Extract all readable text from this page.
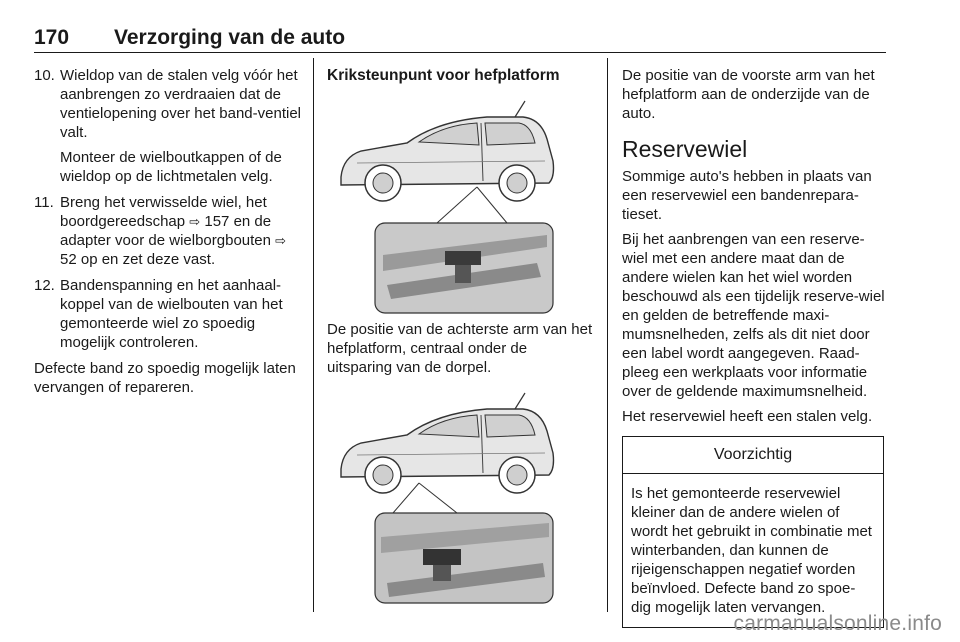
170 Verzorging van de auto
10. Wieldop van de stalen velg vóór het aanbrengen zo verdraaien dat de ventielopening over het band-ventiel valt.

Monteer de wielboutkappen of de wieldop op de lichtmetalen velg.

11. Breng het verwisselde wiel, het boordgereedschap ⇨ 157 en de adapter voor de wielborgbouten ⇨ 52 op en zet deze vast.

12. Bandenspanning en het aanhaal-koppel van de wielbouten van het gemonteerde wiel zo spoedig mogelijk controleren.

Defecte band zo spoedig mogelijk laten vervangen of repareren.

Kriksteunpunt voor hefplatform

De positie van de achterste arm van het hefplatform, centraal onder de uitsparing van de dorpel.

De positie van de voorste arm van het hefplatform aan de onderzijde van de auto.

Reservewiel

Sommige auto's hebben in plaats van een reservewiel een bandenrepara-tieset.

Bij het aanbrengen van een reserve-wiel met een andere maat dan de andere wielen kan het wiel worden beschouwd als een tijdelijk reserve-wiel en gelden de betreffende maxi-mumsnelheden, zelfs als dit niet door een label wordt aangegeven. Raad-pleeg een werkplaats voor informatie over de geldende maximumsnelheid.

Het reservewiel heeft een stalen velg.

Voorzichtig
Is het gemonteerde reservewiel kleiner dan de andere wielen of wordt het gebruikt in combinatie met winterbanden, dan kunnen de rijeigenschappen negatief worden beïnvloed. Defecte band zo spoe-dig mogelijk laten vervangen.
carmanualsonline.info
